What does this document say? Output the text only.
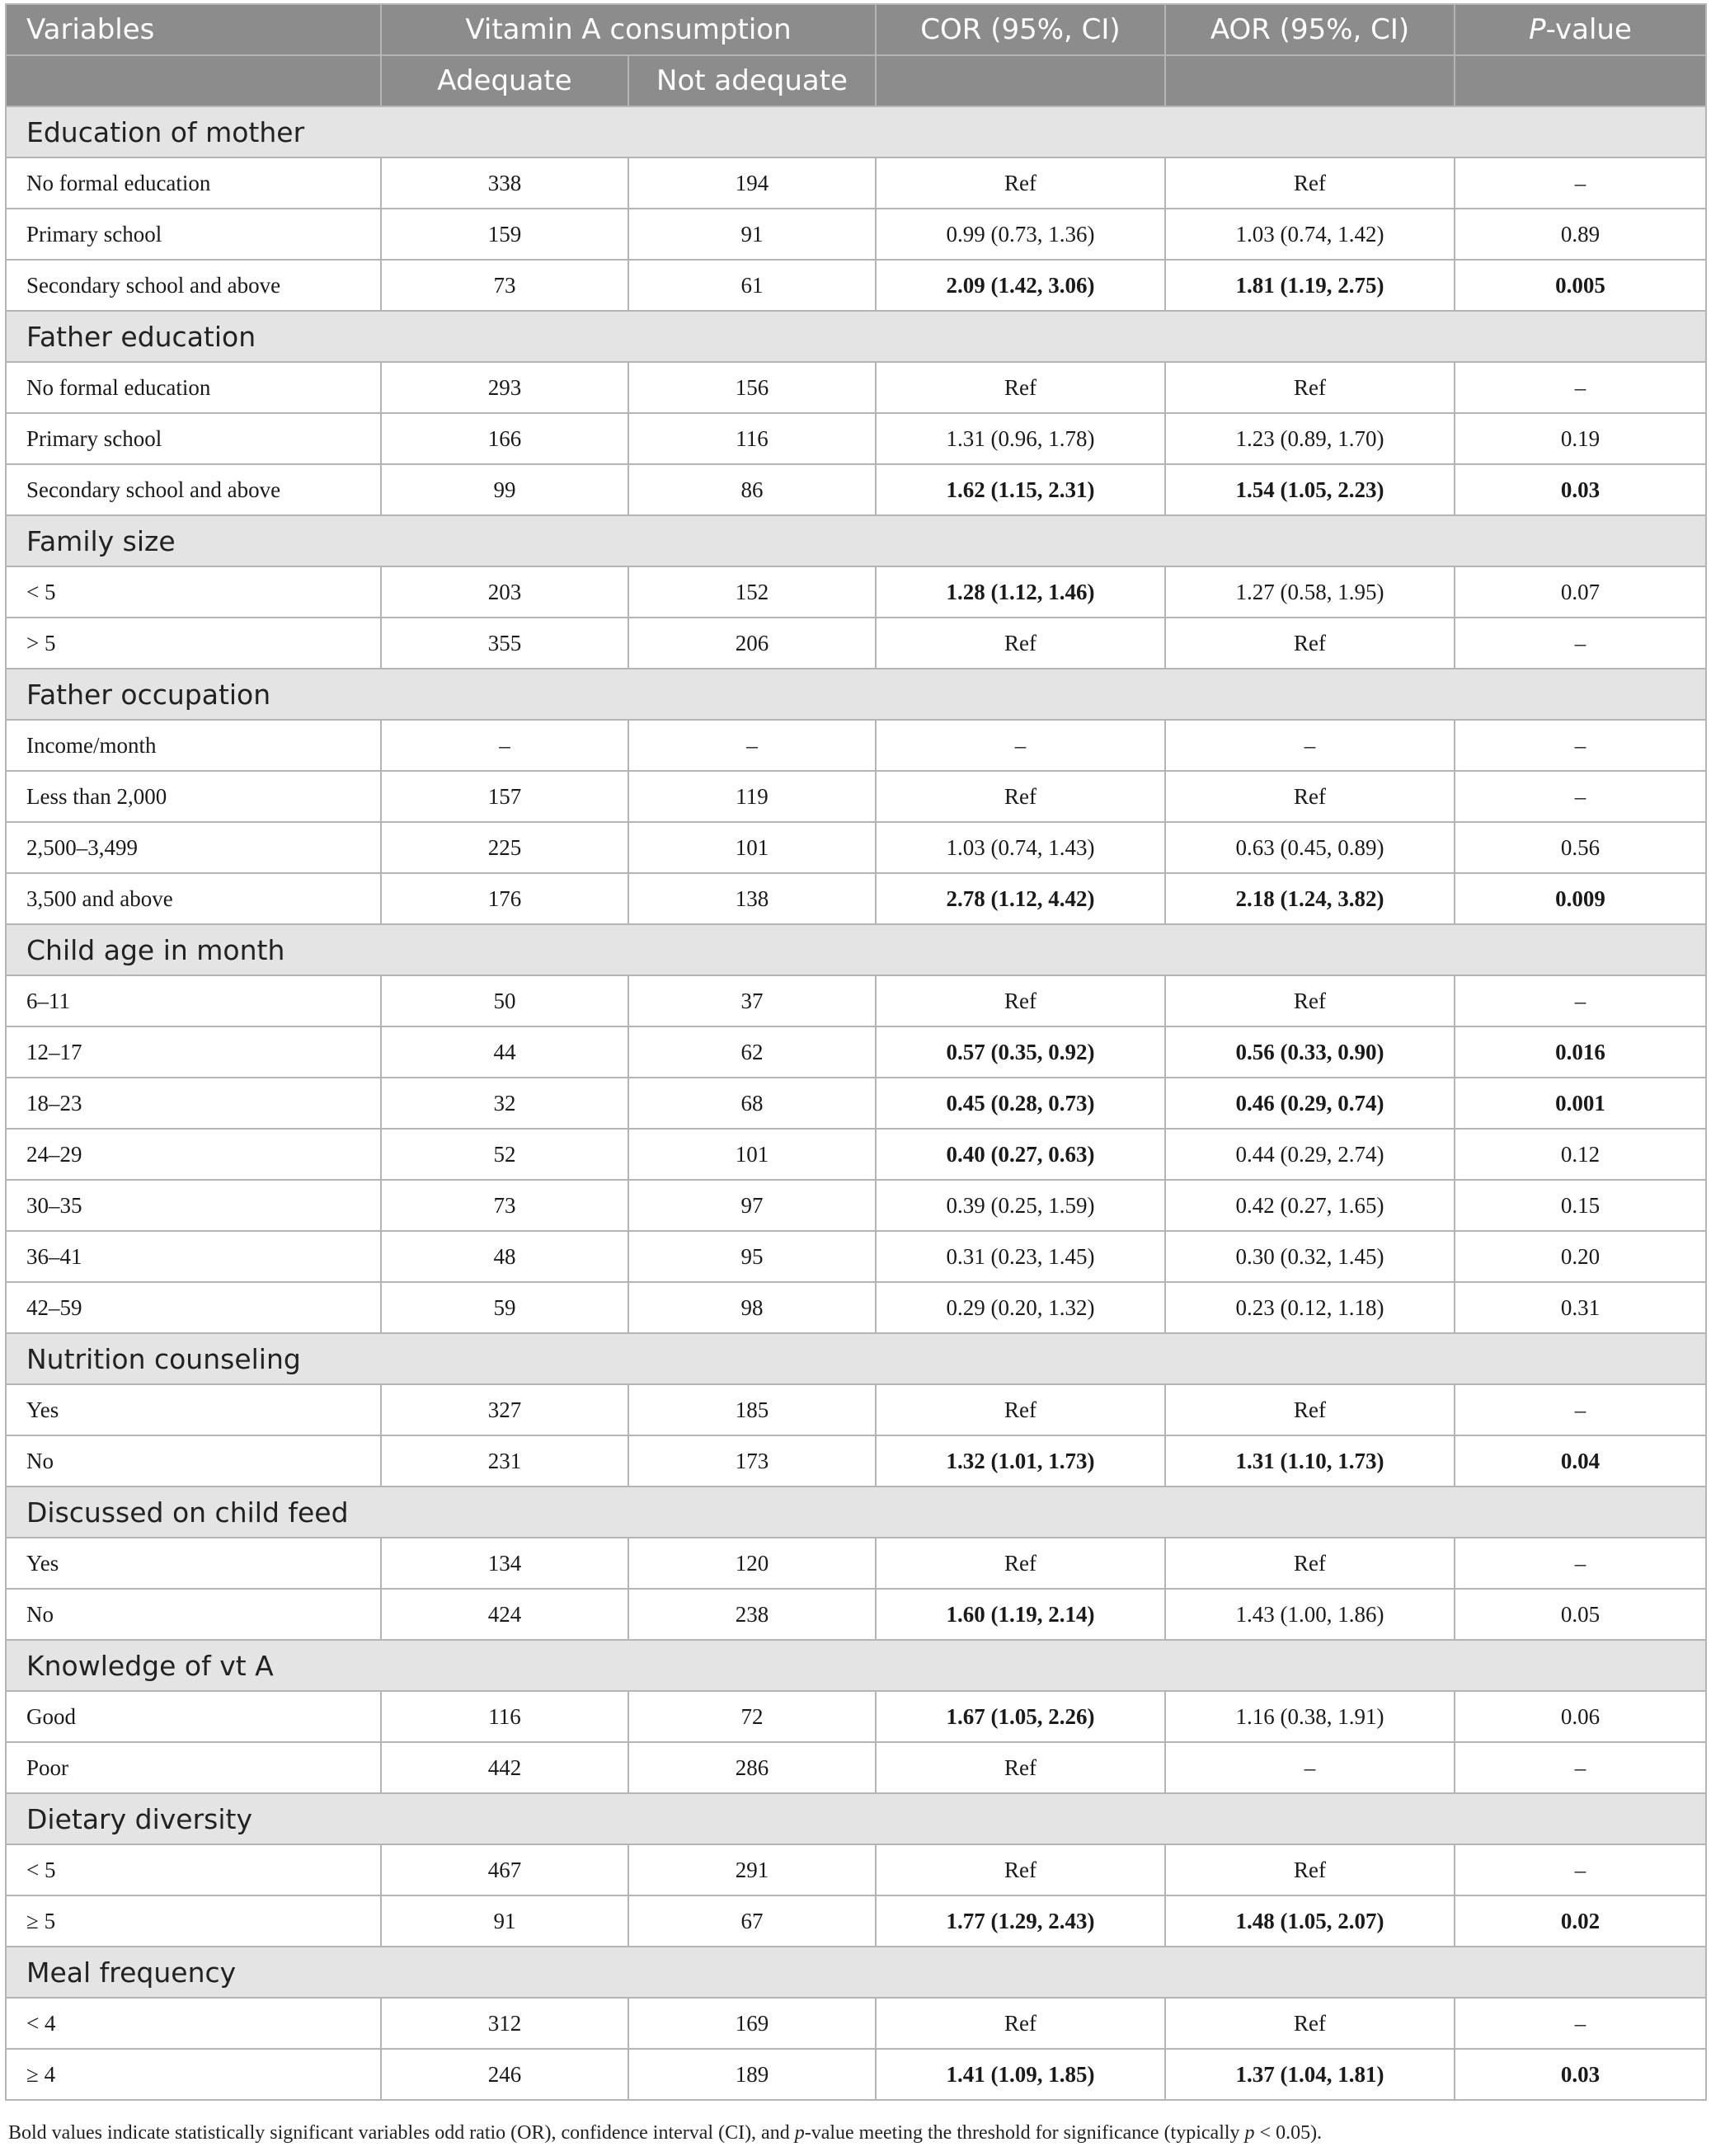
Variables	Vitamin A consumption		COR (95%, CI)	AOR (95%, CI)	P-value
	Adequate	Not adequate			
Education of mother					
No formal education	338	194	Ref	Ref	–
Primary school	159	91	0.99 (0.73, 1.36)	1.03 (0.74, 1.42)	0.89
Secondary school and above	73	61	2.09 (1.42, 3.06)	1.81 (1.19, 2.75)	0.005
Father education					
No formal education	293	156	Ref	Ref	–
Primary school	166	116	1.31 (0.96, 1.78)	1.23 (0.89, 1.70)	0.19
Secondary school and above	99	86	1.62 (1.15, 2.31)	1.54 (1.05, 2.23)	0.03
Family size					
< 5	203	152	1.28 (1.12, 1.46)	1.27 (0.58, 1.95)	0.07
> 5	355	206	Ref	Ref	–
Father occupation					
Income/month	–	–	–	–	–
Less than 2,000	157	119	Ref	Ref	–
2,500–3,499	225	101	1.03 (0.74, 1.43)	0.63 (0.45, 0.89)	0.56
3,500 and above	176	138	2.78 (1.12, 4.42)	2.18 (1.24, 3.82)	0.009
Child age in month					
6–11	50	37	Ref	Ref	–
12–17	44	62	0.57 (0.35, 0.92)	0.56 (0.33, 0.90)	0.016
18–23	32	68	0.45 (0.28, 0.73)	0.46 (0.29, 0.74)	0.001
24–29	52	101	0.40 (0.27, 0.63)	0.44 (0.29, 2.74)	0.12
30–35	73	97	0.39 (0.25, 1.59)	0.42 (0.27, 1.65)	0.15
36–41	48	95	0.31 (0.23, 1.45)	0.30 (0.32, 1.45)	0.20
42–59	59	98	0.29 (0.20, 1.32)	0.23 (0.12, 1.18)	0.31
Nutrition counseling					
Yes	327	185	Ref	Ref	–
No	231	173	1.32 (1.01, 1.73)	1.31 (1.10, 1.73)	0.04
Discussed on child feed					
Yes	134	120	Ref	Ref	–
No	424	238	1.60 (1.19, 2.14)	1.43 (1.00, 1.86)	0.05
Knowledge of vt A					
Good	116	72	1.67 (1.05, 2.26)	1.16 (0.38, 1.91)	0.06
Poor	442	286	Ref	–	–
Dietary diversity					
< 5	467	291	Ref	Ref	–
≥ 5	91	67	1.77 (1.29, 2.43)	1.48 (1.05, 2.07)	0.02
Meal frequency					
< 4	312	169	Ref	Ref	–
≥ 4	246	189	1.41 (1.09, 1.85)	1.37 (1.04, 1.81)	0.03
Bold values indicate statistically significant variables odd ratio (OR), confidence interval (CI), and p-value meeting the threshold for significance (typically p < 0.05).
